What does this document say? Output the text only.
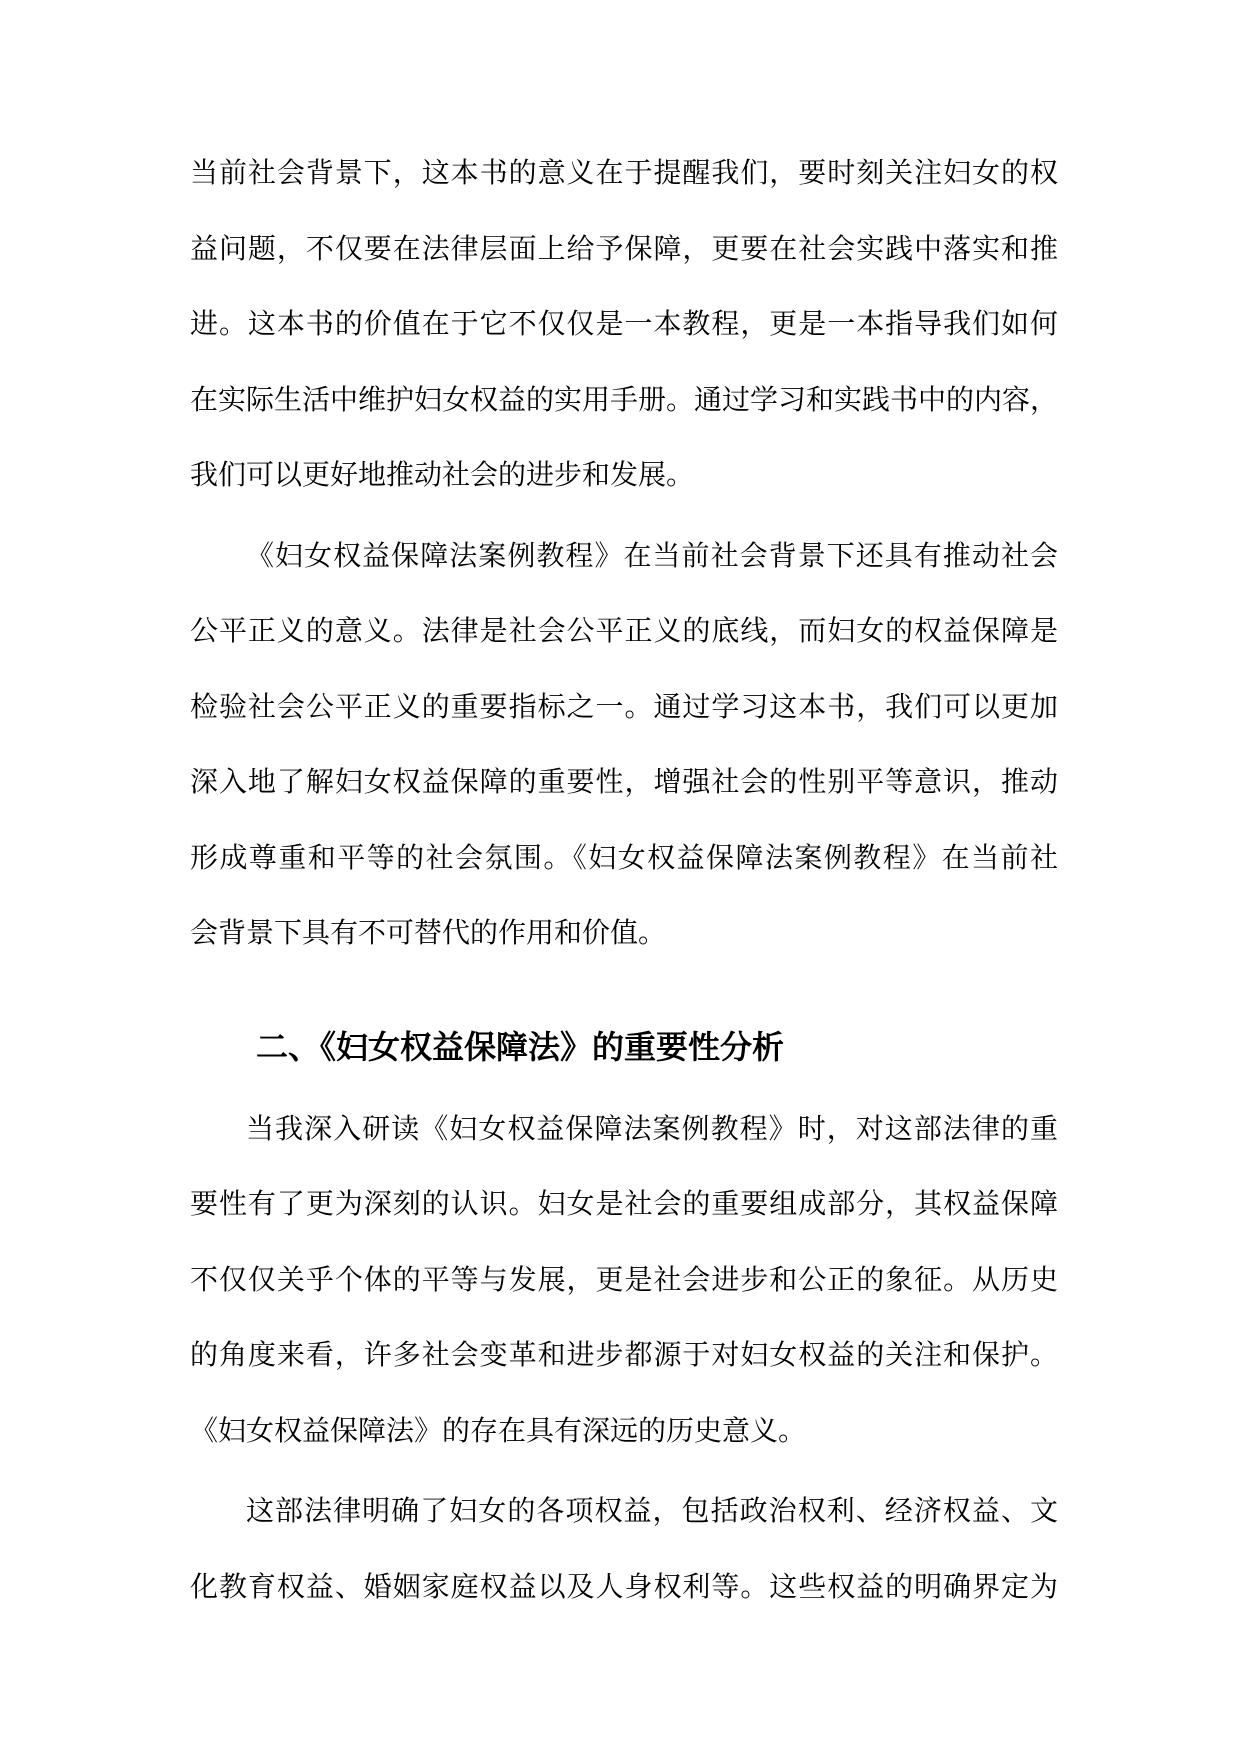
当前社会背景下，这本书的意义在于提醒我们，要时刻关注妇女的权
益问题，不仅要在法律层面上给予保障，更要在社会实践中落实和推
进。这本书的价值在于它不仅仅是一本教程，更是一本指导我们如何
在实际生活中维护妇女权益的实用手册。通过学习和实践书中的内容，
我们可以更好地推动社会的进步和发展。
《妇女权益保障法案例教程》在当前社会背景下还具有推动社会
公平正义的意义。法律是社会公平正义的底线，而妇女的权益保障是
检验社会公平正义的重要指标之一。通过学习这本书，我们可以更加
深入地了解妇女权益保障的重要性，增强社会的性别平等意识，推动
形成尊重和平等的社会氛围。《妇女权益保障法案例教程》在当前社
会背景下具有不可替代的作用和价值。
二、《妇女权益保障法》的重要性分析
当我深入研读《妇女权益保障法案例教程》时，对这部法律的重
要性有了更为深刻的认识。妇女是社会的重要组成部分，其权益保障
不仅仅关乎个体的平等与发展，更是社会进步和公正的象征。从历史
的角度来看，许多社会变革和进步都源于对妇女权益的关注和保护。
《妇女权益保障法》的存在具有深远的历史意义。
这部法律明确了妇女的各项权益，包括政治权利、经济权益、文
化教育权益、婚姻家庭权益以及人身权利等。这些权益的明确界定为
